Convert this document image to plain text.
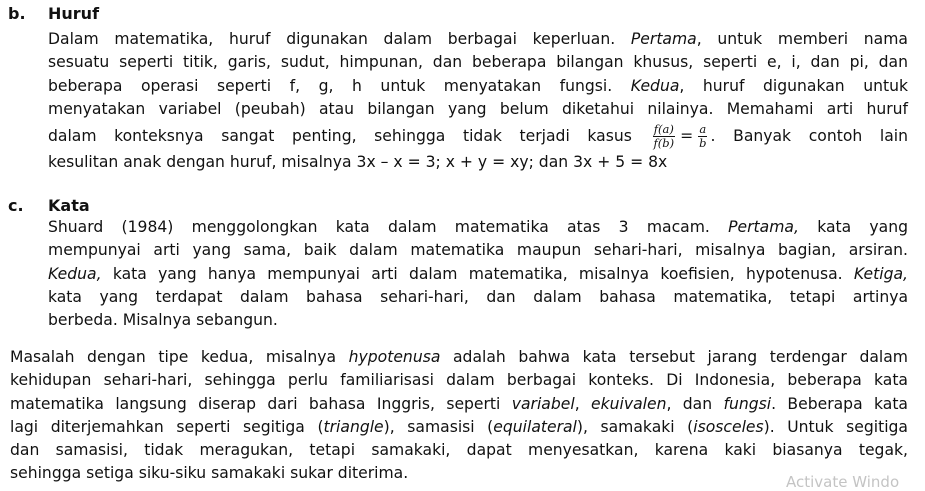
b. Huruf
Dalam matematika, huruf digunakan dalam berbagai keperluan. Pertama, untuk memberi nama
sesuatu seperti titik, garis, sudut, himpunan, dan beberapa bilangan khusus, seperti e, i, dan pi, dan
beberapa operasi seperti f, g, h untuk menyatakan fungsi. Kedua, huruf digunakan untuk
menyatakan variabel (peubah) atau bilangan yang belum diketahui nilainya. Memahami arti huruf
dalam konteksnya sangat penting, sehingga tidak terjadi kasus $\frac{f(a)}{f(b)} = \frac{a}{b}$ . Banyak contoh lain
kesulitan anak dengan huruf, misalnya 3x – x = 3; x + y = xy; dan 3x + 5 = 8x
c. Kata
Shuard (1984) menggolongkan kata dalam matematika atas 3 macam. Pertama, kata yang
mempunyai arti yang sama, baik dalam matematika maupun sehari-hari, misalnya bagian, arsiran.
Kedua, kata yang hanya mempunyai arti dalam matematika, misalnya koefisien, hypotenusa. Ketiga,
kata yang terdapat dalam bahasa sehari-hari, dan dalam bahasa matematika, tetapi artinya
berbeda. Misalnya sebangun.
Masalah dengan tipe kedua, misalnya hypotenusa adalah bahwa kata tersebut jarang terdengar dalam
kehidupan sehari-hari, sehingga perlu familiarisasi dalam berbagai konteks. Di Indonesia, beberapa kata
matematika langsung diserap dari bahasa Inggris, seperti variabel, ekuivalen, dan fungsi. Beberapa kata
lagi diterjemahkan seperti segitiga (triangle), samasisi (equilateral), samakaki (isosceles). Untuk segitiga
dan samasisi, tidak meragukan, tetapi samakaki, dapat menyesatkan, karena kaki biasanya tegak,
sehingga setiga siku-siku samakaki sukar diterima.	Activate Windo
